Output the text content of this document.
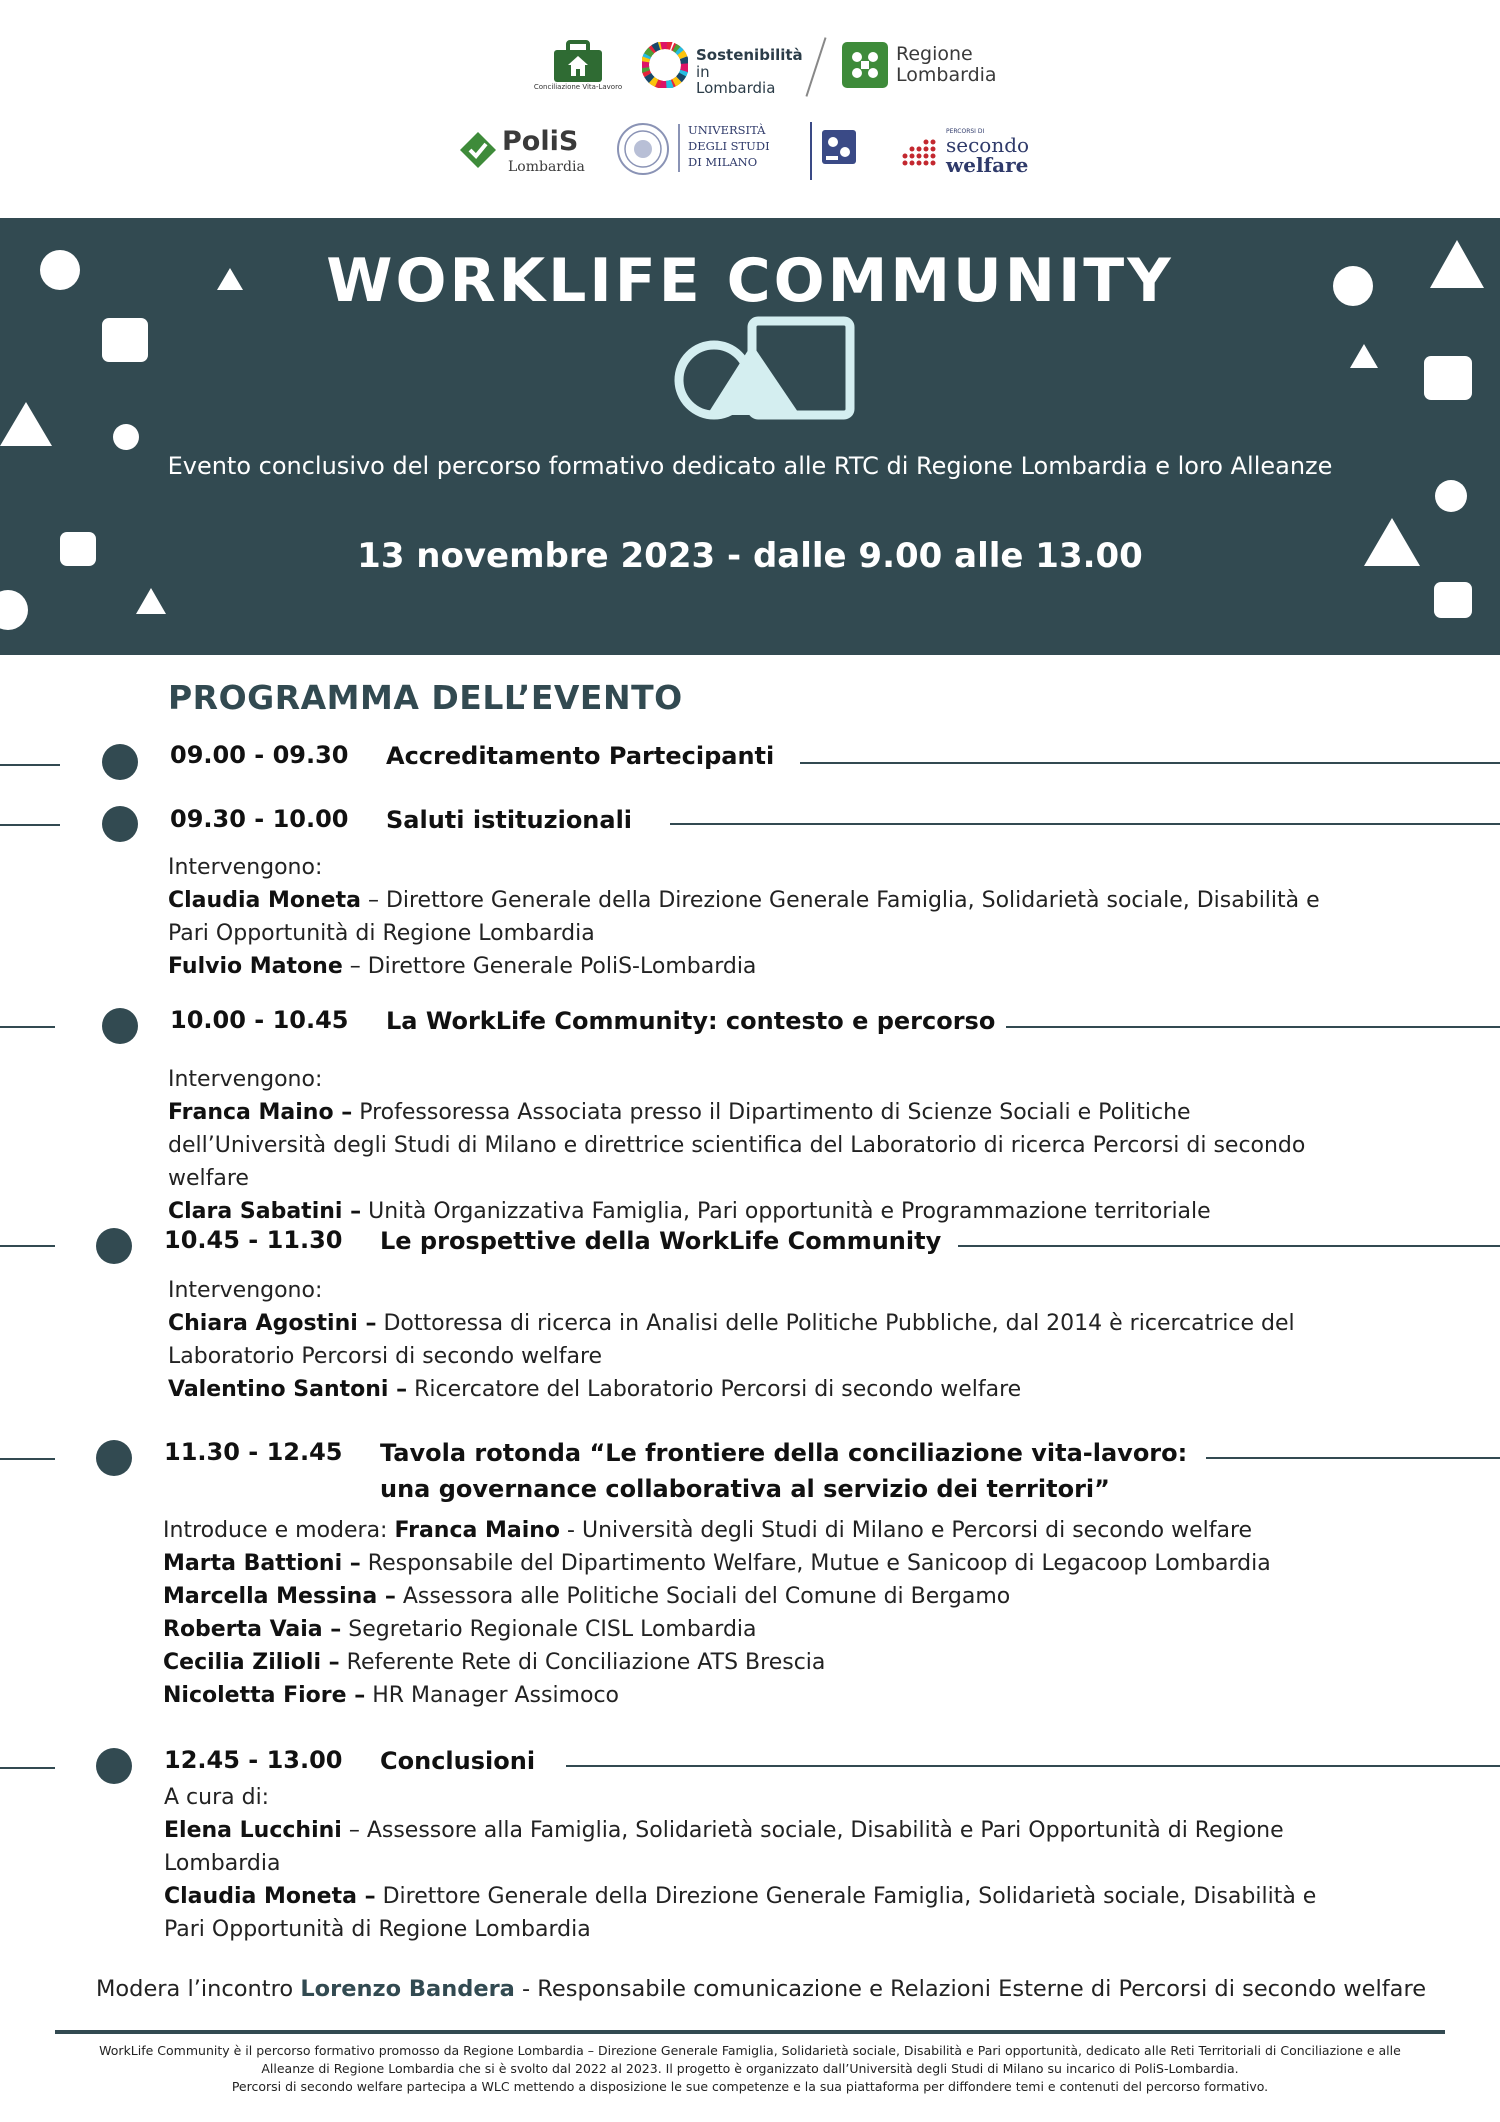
Conciliazione Vita-Lavoro
Sostenibilità
in Lombardia
Regione
Lombardia
PoliS
Lombardia
UNIVERSITÀ
DEGLI STUDI
DI MILANO
PERCORSI DI
secondo
welfare
WORKLIFE COMMUNITY
Evento conclusivo del percorso formativo dedicato alle RTC di Regione Lombardia e loro Alleanze
13 novembre 2023 - dalle 9.00 alle 13.00
PROGRAMMA DELL’EVENTO
09.00 - 09.30 Accreditamento Partecipanti
09.30 - 10.00 Saluti istituzionali

Intervengono:

Claudia Moneta – Direttore Generale della Direzione Generale Famiglia, Solidarietà sociale, Disabilità e Pari Opportunità di Regione Lombardia

Fulvio Matone – Direttore Generale PoliS-Lombardia

10.00 - 10.45 La WorkLife Community: contesto e percorso

Intervengono:

Franca Maino – Professoressa Associata presso il Dipartimento di Scienze Sociali e Politiche dell’Università degli Studi di Milano e direttrice scientifica del Laboratorio di ricerca Percorsi di secondo welfare

Clara Sabatini – Unità Organizzativa Famiglia, Pari opportunità e Programmazione territoriale

10.45 - 11.30 Le prospettive della WorkLife Community

Intervengono:

Chiara Agostini – Dottoressa di ricerca in Analisi delle Politiche Pubbliche, dal 2014 è ricercatrice del Laboratorio Percorsi di secondo welfare

Valentino Santoni – Ricercatore del Laboratorio Percorsi di secondo welfare

11.30 - 12.45 Tavola rotonda “Le frontiere della conciliazione vita-lavoro:
una governance collaborativa al servizio dei territori”

Introduce e modera: Franca Maino - Università degli Studi di Milano e Percorsi di secondo welfare

Marta Battioni – Responsabile del Dipartimento Welfare, Mutue e Sanicoop di Legacoop Lombardia

Marcella Messina – Assessora alle Politiche Sociali del Comune di Bergamo

Roberta Vaia – Segretario Regionale CISL Lombardia

Cecilia Zilioli – Referente Rete di Conciliazione ATS Brescia

Nicoletta Fiore – HR Manager Assimoco

12.45 - 13.00 Conclusioni

A cura di:

Elena Lucchini – Assessore alla Famiglia, Solidarietà sociale, Disabilità e Pari Opportunità di Regione Lombardia

Claudia Moneta – Direttore Generale della Direzione Generale Famiglia, Solidarietà sociale, Disabilità e Pari Opportunità di Regione Lombardia

Modera l’incontro Lorenzo Bandera - Responsabile comunicazione e Relazioni Esterne di Percorsi di secondo welfare

WorkLife Community è il percorso formativo promosso da Regione Lombardia – Direzione Generale Famiglia, Solidarietà sociale, Disabilità e Pari opportunità, dedicato alle Reti Territoriali di Conciliazione e alle

Alleanze di Regione Lombardia che si è svolto dal 2022 al 2023. Il progetto è organizzato dall’Università degli Studi di Milano su incarico di PoliS-Lombardia.

Percorsi di secondo welfare partecipa a WLC mettendo a disposizione le sue competenze e la sua piattaforma per diffondere temi e contenuti del percorso formativo.
